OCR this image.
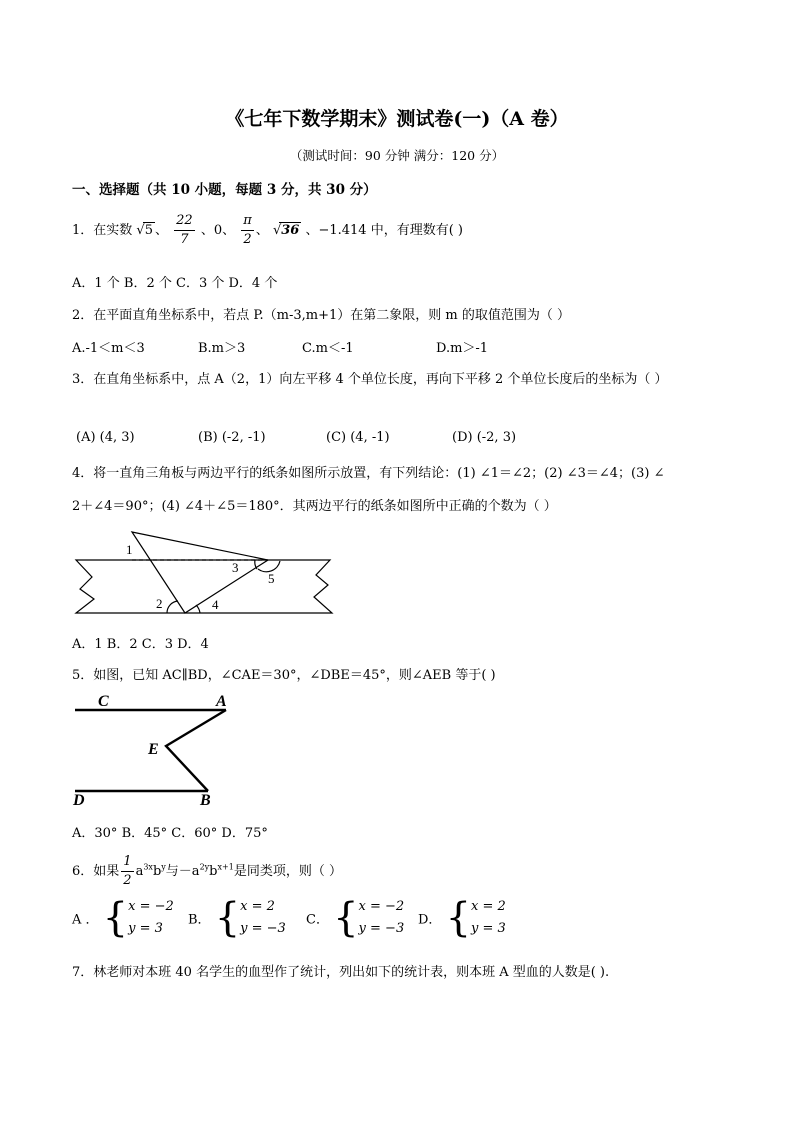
《七年下数学期末》测试卷(一)（A 卷）
（测试时间：90 分钟 满分：120 分）
一、选择题（共 10 小题，每题 3 分，共 30 分）
1．在实数 √5 、 $\frac{22}{7}$ 、0、 $\frac{\pi}{2}$ 、 √36 、−1.414 中，有理数有( )
A．1 个 B．2 个 C．3 个 D．4 个
2．在平面直角坐标系中，若点 P.（m-3,m+1）在第二象限，则 m 的取值范围为（ ）
A.-1＜m＜3	B.m＞3	C.m＜-1	D.m＞-1
3．在直角坐标系中，点 A（2，1）向左平移 4 个单位长度，再向下平移 2 个单位长度后的坐标为（ ）
(A) (4, 3)	(B) (-2, -1)	(C) (4, -1)	(D) (-2, 3)
4．将一直角三角板与两边平行的纸条如图所示放置，有下列结论：(1) ∠1＝∠2；(2) ∠3＝∠4；(3) ∠
2＋∠4＝90°；(4) ∠4＋∠5＝180°．其两边平行的纸条如图所中正确的个数为（ ）
1
2
3
4
5
A．1 B．2 C．3 D．4
5．如图，已知 AC∥BD，∠CAE＝30°，∠DBE＝45°，则∠AEB 等于( )
C	A
E
D	B
A．30° B．45° C．60° D．75°
6．如果 $\frac{1}{2} a^{3x}b^y$与$-a^{2y}b^{x+1}$是同类项，则（ ）
A ． {x = −2
y = 3
B． {x = 2
y = −3
C． {x = −2
y = −3
D． {x = 2
y = 3
7．林老师对本班 40 名学生的血型作了统计，列出如下的统计表，则本班 A 型血的人数是( ).
